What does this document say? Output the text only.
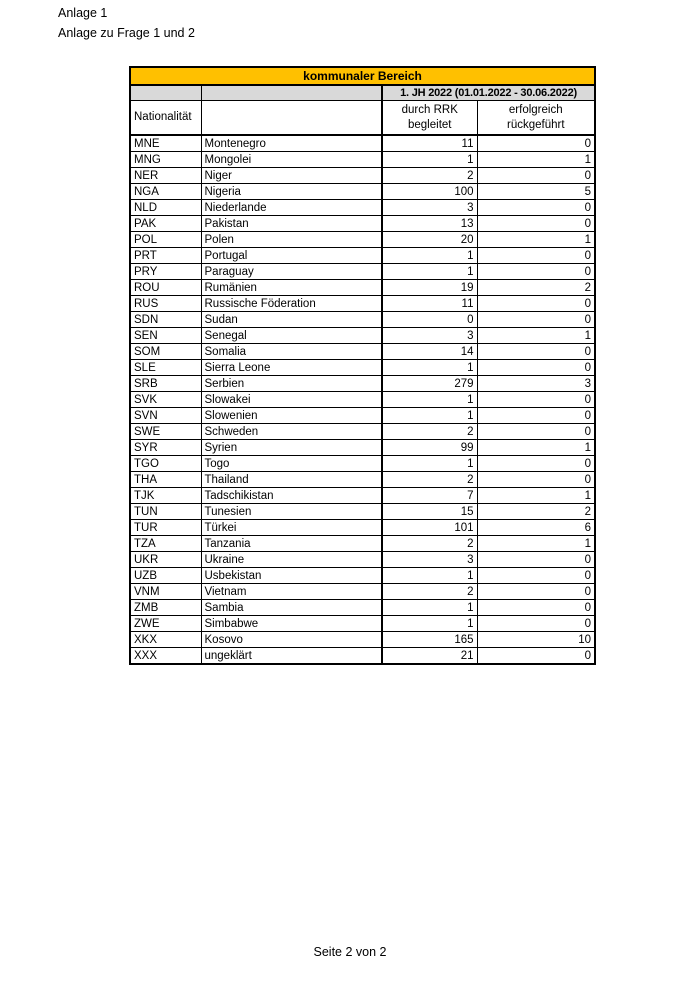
Anlage 1
Anlage zu Frage 1 und 2
kommunaler Bereich			
		1. JH 2022 (01.01.2022 - 30.06.2022)	
Nationalität		durch RRK begleitet	erfolgreich rückgeführt
MNE	Montenegro	11	0
MNG	Mongolei	1	1
NER	Niger	2	0
NGA	Nigeria	100	5
NLD	Niederlande	3	0
PAK	Pakistan	13	0
POL	Polen	20	1
PRT	Portugal	1	0
PRY	Paraguay	1	0
ROU	Rumänien	19	2
RUS	Russische Föderation	11	0
SDN	Sudan	0	0
SEN	Senegal	3	1
SOM	Somalia	14	0
SLE	Sierra Leone	1	0
SRB	Serbien	279	3
SVK	Slowakei	1	0
SVN	Slowenien	1	0
SWE	Schweden	2	0
SYR	Syrien	99	1
TGO	Togo	1	0
THA	Thailand	2	0
TJK	Tadschikistan	7	1
TUN	Tunesien	15	2
TUR	Türkei	101	6
TZA	Tanzania	2	1
UKR	Ukraine	3	0
UZB	Usbekistan	1	0
VNM	Vietnam	2	0
ZMB	Sambia	1	0
ZWE	Simbabwe	1	0
XKX	Kosovo	165	10
XXX	ungeklärt	21	0
Seite 2 von 2
